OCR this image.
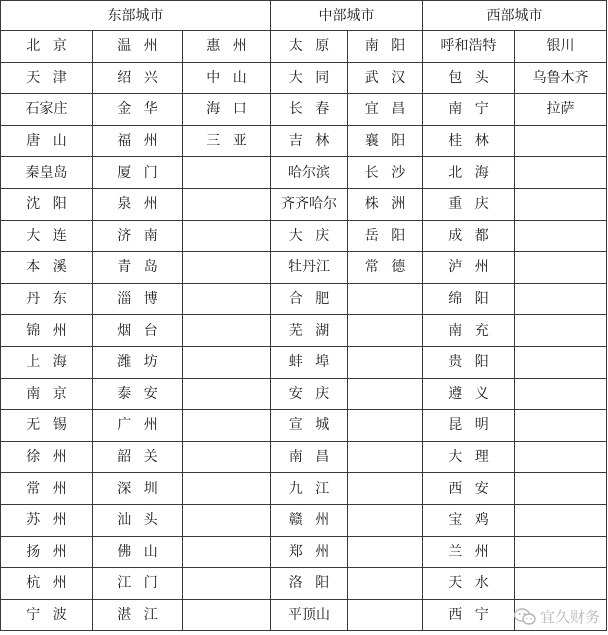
东部城市			中部城市		西部城市	
北京	温州	惠州	太原	南阳	呼和浩特	银川
天津	绍兴	中山	大同	武汉	包头	乌鲁木齐
石家庄	金华	海口	长春	宜昌	南宁	拉萨
唐山	福州	三亚	吉林	襄阳	桂林	
秦皇岛	厦门		哈尔滨	长沙	北海	
沈阳	泉州		齐齐哈尔	株洲	重庆	
大连	济南		大庆	岳阳	成都	
本溪	青岛		牡丹江	常德	泸州	
丹东	淄博		合肥		绵阳	
锦州	烟台		芜湖		南充	
上海	潍坊		蚌埠		贵阳	
南京	泰安		安庆		遵义	
无锡	广州		宣城		昆明	
徐州	韶关		南昌		大理	
常州	深圳		九江		西安	
苏州	汕头		赣州		宝鸡	
扬州	佛山		郑州		兰州	
杭州	江门		洛阳		天水	
宁波	湛江		平顶山		西宁		宜久财务
